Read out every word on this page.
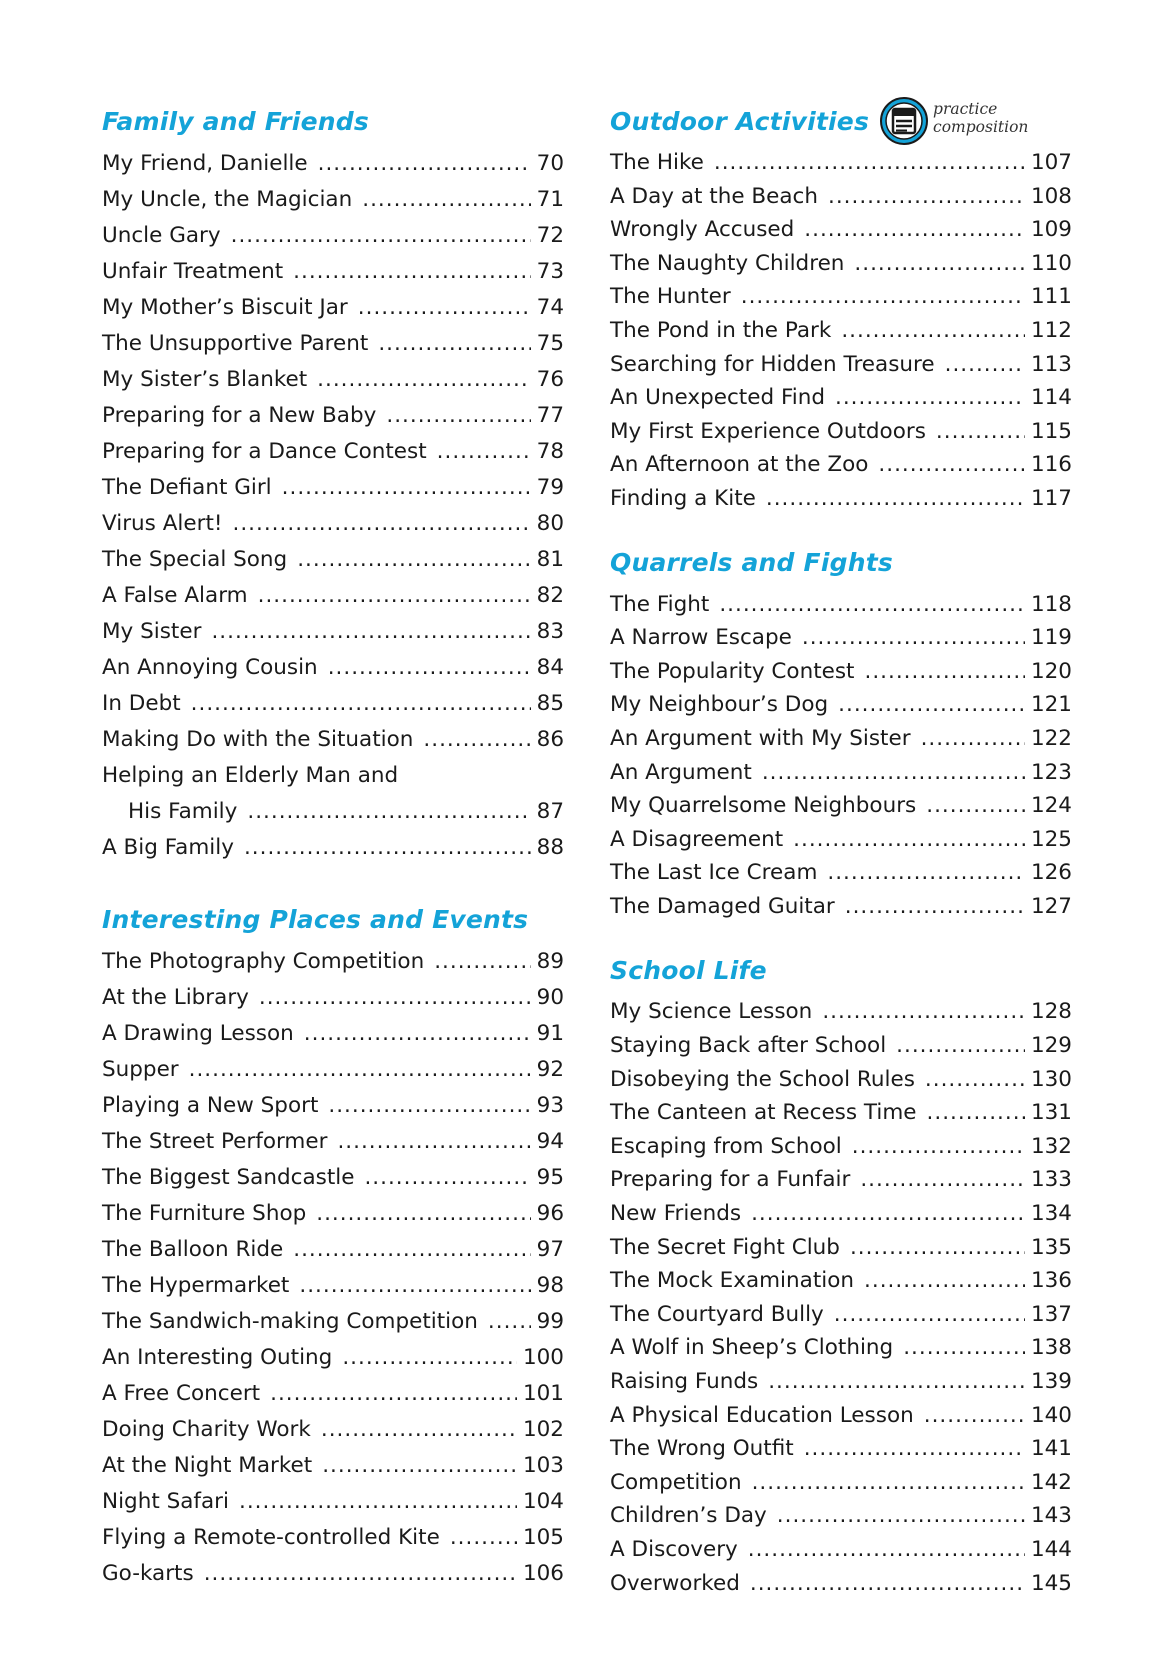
Family and Friends
My Friend, Danielle .....	70
My Uncle, the Magician .....	71
Uncle Gary .....	72
Unfair Treatment .....	73
My Mother’s Biscuit Jar .....	74
The Unsupportive Parent .....	75
My Sister’s Blanket .....	76
Preparing for a New Baby .....	77
Preparing for a Dance Contest .....	78
The Defiant Girl .....	79
Virus Alert! .....	80
The Special Song .....	81
A False Alarm .....	82
My Sister .....	83
An Annoying Cousin .....	84
In Debt .....	85
Making Do with the Situation .....	86
Helping an Elderly Man and
His Family .....	87
A Big Family .....	88
Interesting Places and Events
The Photography Competition .....	89
At the Library .....	90
A Drawing Lesson .....	91
Supper .....	92
Playing a New Sport .....	93
The Street Performer .....	94
The Biggest Sandcastle .....	95
The Furniture Shop .....	96
The Balloon Ride .....	97
The Hypermarket .....	98
The Sandwich-making Competition .....	99
An Interesting Outing .....	100
A Free Concert .....	101
Doing Charity Work .....	102
At the Night Market .....	103
Night Safari .....	104
Flying a Remote-controlled Kite .....	105
Go-karts .....	106
Outdoor Activities	practice
composition
The Hike .....	107
A Day at the Beach .....	108
Wrongly Accused .....	109
The Naughty Children .....	110
The Hunter .....	111
The Pond in the Park .....	112
Searching for Hidden Treasure .....	113
An Unexpected Find .....	114
My First Experience Outdoors .....	115
An Afternoon at the Zoo .....	116
Finding a Kite .....	117
Quarrels and Fights
The Fight .....	118
A Narrow Escape .....	119
The Popularity Contest .....	120
My Neighbour’s Dog .....	121
An Argument with My Sister .....	122
An Argument .....	123
My Quarrelsome Neighbours .....	124
A Disagreement .....	125
The Last Ice Cream .....	126
The Damaged Guitar .....	127
School Life
My Science Lesson .....	128
Staying Back after School .....	129
Disobeying the School Rules .....	130
The Canteen at Recess Time .....	131
Escaping from School .....	132
Preparing for a Funfair .....	133
New Friends .....	134
The Secret Fight Club .....	135
The Mock Examination .....	136
The Courtyard Bully .....	137
A Wolf in Sheep’s Clothing .....	138
Raising Funds .....	139
A Physical Education Lesson .....	140
The Wrong Outfit .....	141
Competition .....	142
Children’s Day .....	143
A Discovery .....	144
Overworked .....	145
